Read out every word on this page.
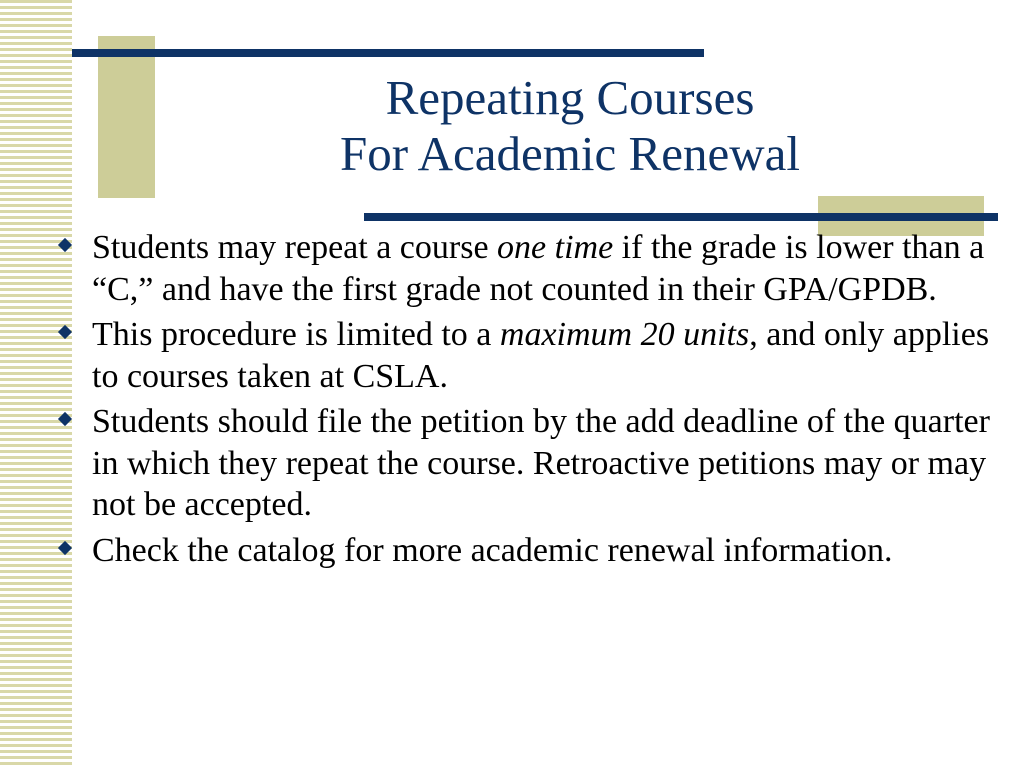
Repeating Courses
For Academic Renewal
Students may repeat a course one time if the grade is lower than a “C,” and have the first grade not counted in their GPA/GPDB.
This procedure is limited to a maximum 20 units, and only applies to courses taken at CSLA.
Students should file the petition by the add deadline of the quarter in which they repeat the course. Retroactive petitions may or may not be accepted.
Check the catalog for more academic renewal information.
